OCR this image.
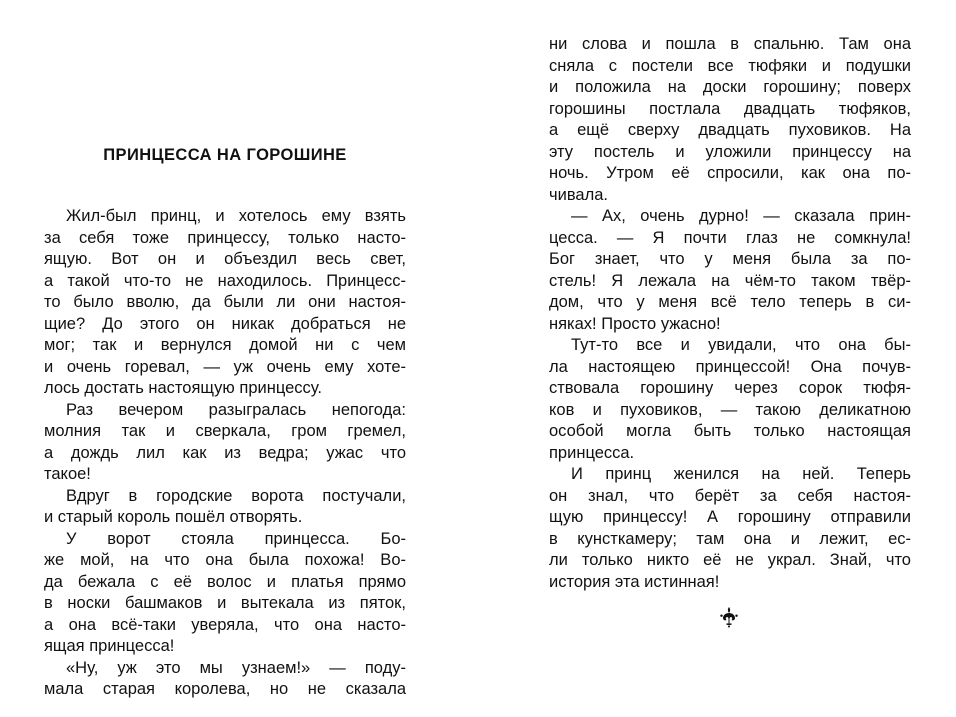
ПРИНЦЕССА НА ГОРОШИНЕ
Жил-был принц, и хотелось ему взять
за себя тоже принцессу, только насто-
ящую. Вот он и объездил весь свет,
а такой что-то не находилось. Принцесс-
то было вволю, да были ли они настоя-
щие? До этого он никак добраться не
мог; так и вернулся домой ни с чем
и очень горевал, — уж очень ему хоте-
лось достать настоящую принцессу.
Раз вечером разыгралась непогода:
молния так и сверкала, гром гремел,
а дождь лил как из ведра; ужас что
такое!
Вдруг в городские ворота постучали,
и старый король пошёл отворять.
У ворот стояла принцесса. Бо-
же мой, на что она была похожа! Во-
да бежала с её волос и платья прямо
в носки башмаков и вытекала из пяток,
а она всё-таки уверяла, что она насто-
ящая принцесса!
«Ну, уж это мы узнаем!» — поду-
мала старая королева, но не сказала
ни слова и пошла в спальню. Там она
сняла с постели все тюфяки и подушки
и положила на доски горошину; поверх
горошины постлала двадцать тюфяков,
а ещё сверху двадцать пуховиков. На
эту постель и уложили принцессу на
ночь. Утром её спросили, как она по-
чивала.
— Ах, очень дурно! — сказала прин-
цесса. — Я почти глаз не сомкнула!
Бог знает, что у меня была за по-
стель! Я лежала на чём-то таком твёр-
дом, что у меня всё тело теперь в си-
няках! Просто ужасно!
Тут-то все и увидали, что она бы-
ла настоящею принцессой! Она почув-
ствовала горошину через сорок тюфя-
ков и пуховиков, — такою деликатною
особой могла быть только настоящая
принцесса.
И принц женился на ней. Теперь
он знал, что берёт за себя настоя-
щую принцессу! А горошину отправили
в кунсткамеру; там она и лежит, ес-
ли только никто её не украл. Знай, что
история эта истинная!
